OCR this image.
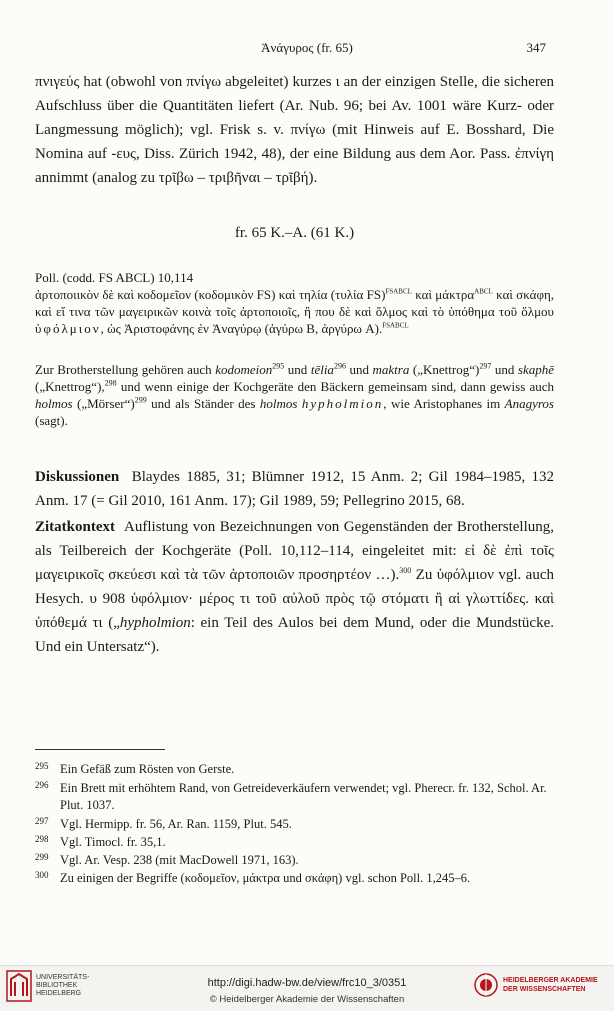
Ἀνάγυρος (fr. 65)	347
πνιγεύς hat (obwohl von πνίγω abgeleitet) kurzes ι an der einzigen Stelle, die sicheren Aufschluss über die Quantitäten liefert (Ar. Nub. 96; bei Av. 1001 wäre Kurz- oder Langmessung möglich); vgl. Frisk s. v. πνίγω (mit Hinweis auf E. Bosshard, Die Nomina auf -ευς, Diss. Zürich 1942, 48), der eine Bildung aus dem Aor. Pass. ἐπνίγη annimmt (analog zu τρῖβω – τριβῆναι – τρῖβή).
fr. 65 K.–A. (61 K.)
Poll. (codd. FS ABCL) 10,114
ἀρτοποιικὸν δὲ καὶ κοδομεῖον (κοδομικὸν FS) καὶ τηλία (τυλία FS)$^{FSABCL}$ καὶ μάκτρα$^{ABCL}$ καὶ σκάφη, καὶ εἴ τινα τῶν μαγειρικῶν κοινὰ τοῖς ἀρτοποιοῖς, ἢ που δὲ καὶ ὅλμος καὶ τὸ ὑπόθημα τοῦ ὅλμου ὑφόλμιον, ὡς Ἀριστοφάνης ἐν Ἀναγύρῳ (ἀγύρω B, ἀργύρω A).$^{FSABCL}$
Zur Brotherstellung gehören auch kodomeion$^{295}$ und tēlia$^{296}$ und maktra („Knettrog“)$^{297}$ und skaphē („Knettrog“),$^{298}$ und wenn einige der Kochgeräte den Bäckern gemeinsam sind, dann gewiss auch holmos („Mörser“)$^{299}$ und als Ständer des holmos hypholmion, wie Aristophanes im Anagyros (sagt).
Diskussionen Blaydes 1885, 31; Blümner 1912, 15 Anm. 2; Gil 1984–1985, 132 Anm. 17 (= Gil 2010, 161 Anm. 17); Gil 1989, 59; Pellegrino 2015, 68.
Zitatkontext Auflistung von Bezeichnungen von Gegenständen der Brotherstellung, als Teilbereich der Kochgeräte (Poll. 10,112–114, eingeleitet mit: εἰ δὲ ἐπὶ τοῖς μαγειρικοῖς σκεύεσι καὶ τὰ τῶν ἀρτοποιῶν προσηρτέον …).$^{300}$ Zu ὑφόλμιον vgl. auch Hesych. υ 908 ὑφόλμιον· μέρος τι τοῦ αὐλοῦ πρὸς τῷ στόματι ἢ αἱ γλωττίδες. καὶ ὑπόθεμά τι („hypholmion: ein Teil des Aulos bei dem Mund, oder die Mundstücke. Und ein Untersatz“).
295 Ein Gefäß zum Rösten von Gerste.
296 Ein Brett mit erhöhtem Rand, von Getreideverkäufern verwendet; vgl. Pherecr. fr. 132, Schol. Ar. Plut. 1037.
297 Vgl. Hermipp. fr. 56, Ar. Ran. 1159, Plut. 545.
298 Vgl. Timocl. fr. 35,1.
299 Vgl. Ar. Vesp. 238 (mit MacDowell 1971, 163).
300 Zu einigen der Begriffe (κοδομεῖον, μάκτρα und σκάφη) vgl. schon Poll. 1,245–6.
UNIVERSITÄTS-
BIBLIOTHEK
HEIDELBERG
http://digi.hadw-bw.de/view/frc10_3/0351
© Heidelberger Akademie der Wissenschaften
HEIDELBERGER AKADEMIE
DER WISSENSCHAFTEN
